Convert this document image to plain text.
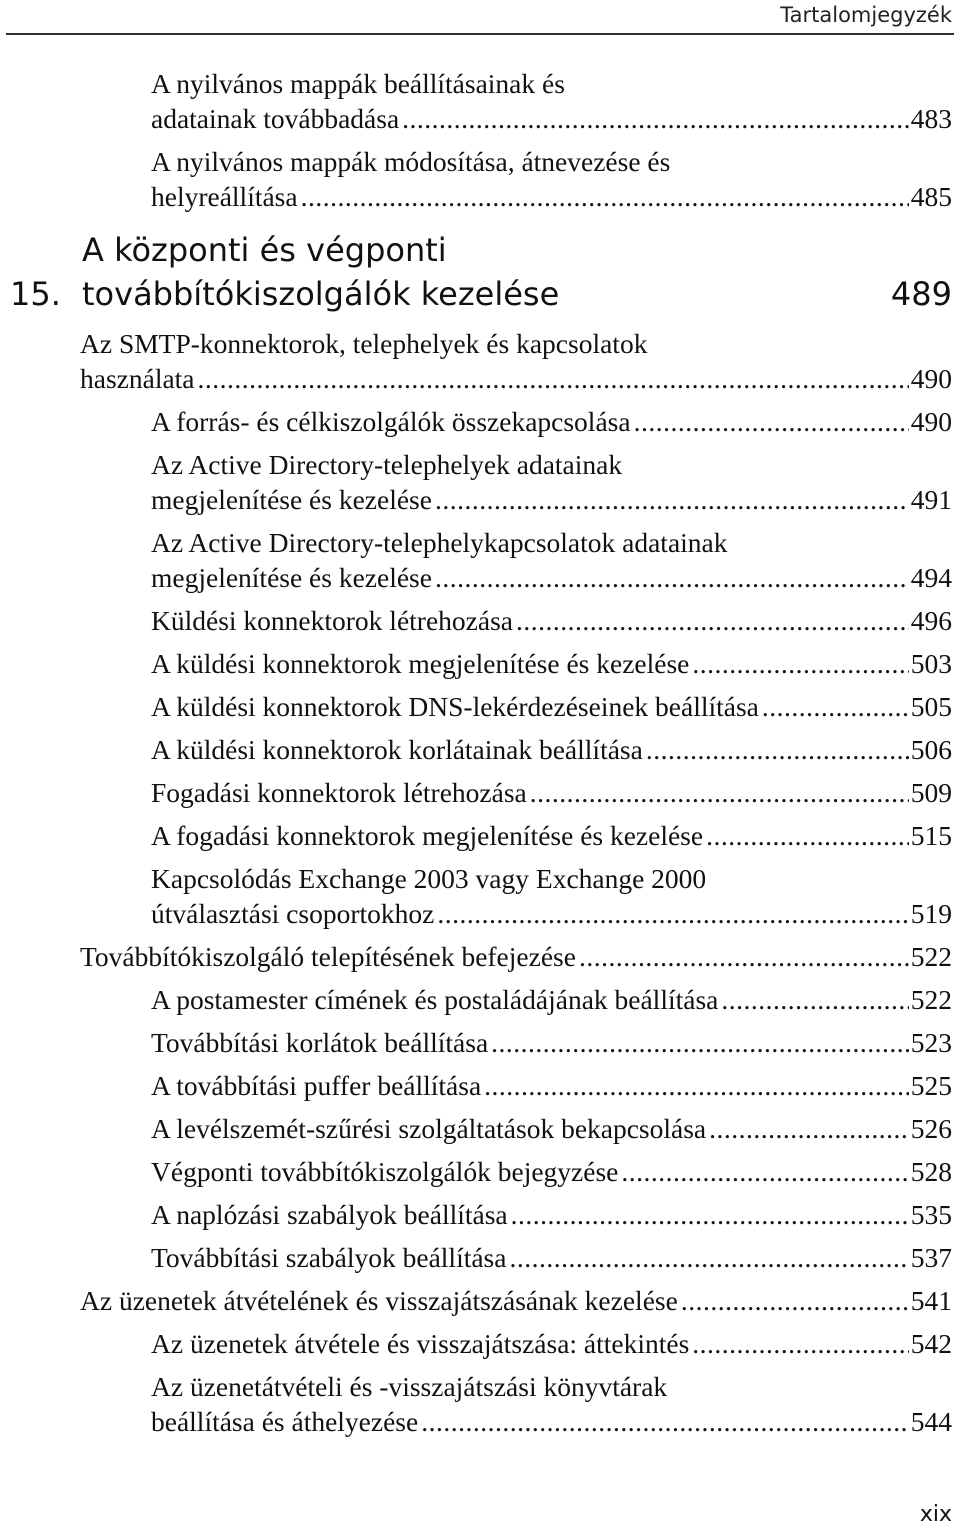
Tartalomjegyzék
A nyilvános mappák beállításainak és
adatainak továbbadása .....	483
A nyilvános mappák módosítása, átnevezése és
helyreállítása .....	485
15.
A központi és végponti
továbbítókiszolgálók kezelése	489
Az SMTP-konnektorok, telephelyek és kapcsolatok
használata .....	490
A forrás- és célkiszolgálók összekapcsolása .....	490
Az Active Directory-telephelyek adatainak
megjelenítése és kezelése .....	491
Az Active Directory-telephelykapcsolatok adatainak
megjelenítése és kezelése .....	494
Küldési konnektorok létrehozása .....	496
A küldési konnektorok megjelenítése és kezelése .....	503
A küldési konnektorok DNS-lekérdezéseinek beállítása .....	505
A küldési konnektorok korlátainak beállítása .....	506
Fogadási konnektorok létrehozása .....	509
A fogadási konnektorok megjelenítése és kezelése .....	515
Kapcsolódás Exchange 2003 vagy Exchange 2000
útválasztási csoportokhoz .....	519
Továbbítókiszolgáló telepítésének befejezése .....	522
A postamester címének és postaládájának beállítása .....	522
Továbbítási korlátok beállítása .....	523
A továbbítási puffer beállítása .....	525
A levélszemét-szűrési szolgáltatások bekapcsolása .....	526
Végponti továbbítókiszolgálók bejegyzése .....	528
A naplózási szabályok beállítása .....	535
Továbbítási szabályok beállítása .....	537
Az üzenetek átvételének és visszajátszásának kezelése .....	541
Az üzenetek átvétele és visszajátszása: áttekintés .....	542
Az üzenetátvételi és -visszajátszási könyvtárak
beállítása és áthelyezése .....	544
xix
